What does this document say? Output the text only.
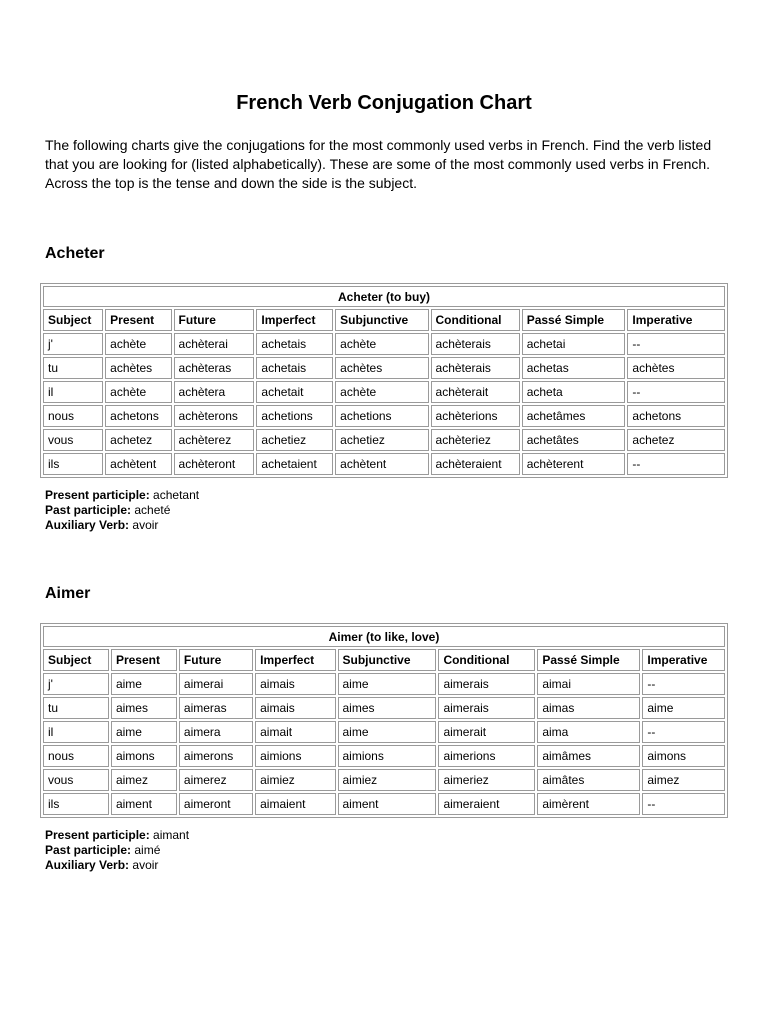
French Verb Conjugation Chart

The following charts give the conjugations for the most commonly used verbs in French. Find the verb listed that you are looking for (listed alphabetically). These are some of the most commonly used verbs in French. Across the top is the tense and down the side is the subject.

Acheter
Acheter (to buy)							
Subject	Present	Future	Imperfect	Subjunctive	Conditional	Passé Simple	Imperative
j'	achète	achèterai	achetais	achète	achèterais	achetai	--
tu	achètes	achèteras	achetais	achètes	achèterais	achetas	achètes
il	achète	achètera	achetait	achète	achèterait	acheta	--
nous	achetons	achèterons	achetions	achetions	achèterions	achetâmes	achetons
vous	achetez	achèterez	achetiez	achetiez	achèteriez	achetâtes	achetez
ils	achètent	achèteront	achetaient	achètent	achèteraient	achèterent	--

Present participle: achetant
Past participle: acheté
Auxiliary Verb: avoir

Aimer
Aimer (to like, love)							
Subject	Present	Future	Imperfect	Subjunctive	Conditional	Passé Simple	Imperative
j'	aime	aimerai	aimais	aime	aimerais	aimai	--
tu	aimes	aimeras	aimais	aimes	aimerais	aimas	aime
il	aime	aimera	aimait	aime	aimerait	aima	--
nous	aimons	aimerons	aimions	aimions	aimerions	aimâmes	aimons
vous	aimez	aimerez	aimiez	aimiez	aimeriez	aimâtes	aimez
ils	aiment	aimeront	aimaient	aiment	aimeraient	aimèrent	--

Present participle: aimant
Past participle: aimé
Auxiliary Verb: avoir
